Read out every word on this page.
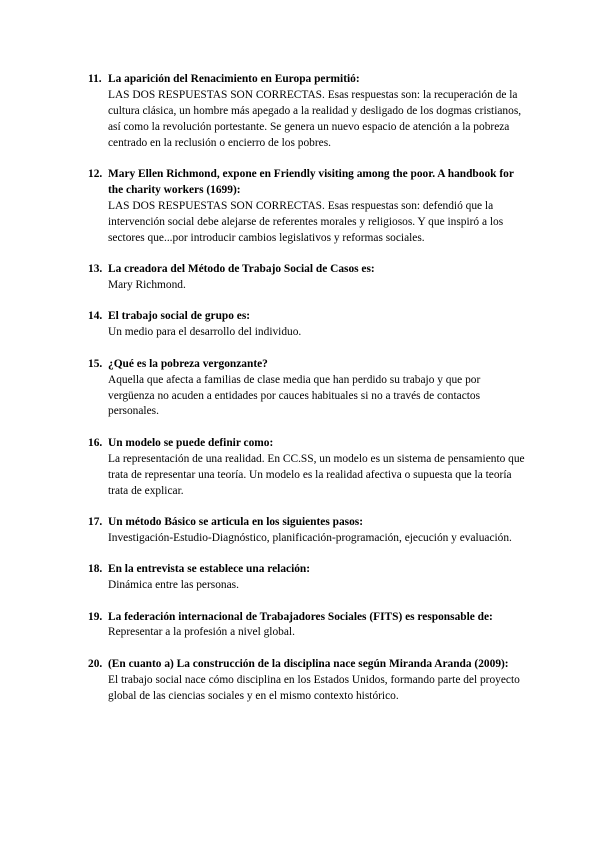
11. La aparición del Renacimiento en Europa permitió:
LAS DOS RESPUESTAS SON CORRECTAS. Esas respuestas son: la recuperación de la cultura clásica, un hombre más apegado a la realidad y desligado de los dogmas cristianos, así como la revolución portestante. Se genera un nuevo espacio de atención a la pobreza centrado en la reclusión o encierro de los pobres.
12. Mary Ellen Richmond, expone en Friendly visiting among the poor. A handbook for the charity workers (1699):
LAS DOS RESPUESTAS SON CORRECTAS. Esas respuestas son: defendió que la intervención social debe alejarse de referentes morales y religiosos. Y que inspiró a los sectores que...por introducir cambios legislativos y reformas sociales.
13. La creadora del Método de Trabajo Social de Casos es:
Mary Richmond.
14. El trabajo social de grupo es:
Un medio para el desarrollo del individuo.
15. ¿Qué es la pobreza vergonzante?
Aquella que afecta a familias de clase media que han perdido su trabajo y que por vergüenza no acuden a entidades por cauces habituales si no a través de contactos personales.
16. Un modelo se puede definir como:
La representación de una realidad. En CC.SS, un modelo es un sistema de pensamiento que trata de representar una teoría. Un modelo es la realidad afectiva o supuesta que la teoría trata de explicar.
17. Un método Básico se articula en los siguientes pasos:
Investigación-Estudio-Diagnóstico, planificación-programación, ejecución y evaluación.
18. En la entrevista se establece una relación:
Dinámica entre las personas.
19. La federación internacional de Trabajadores Sociales (FITS) es responsable de:
Representar a la profesión a nivel global.
20. (En cuanto a) La construcción de la disciplina nace según Miranda Aranda (2009):
El trabajo social nace cómo disciplina en los Estados Unidos, formando parte del proyecto global de las ciencias sociales y en el mismo contexto histórico.
